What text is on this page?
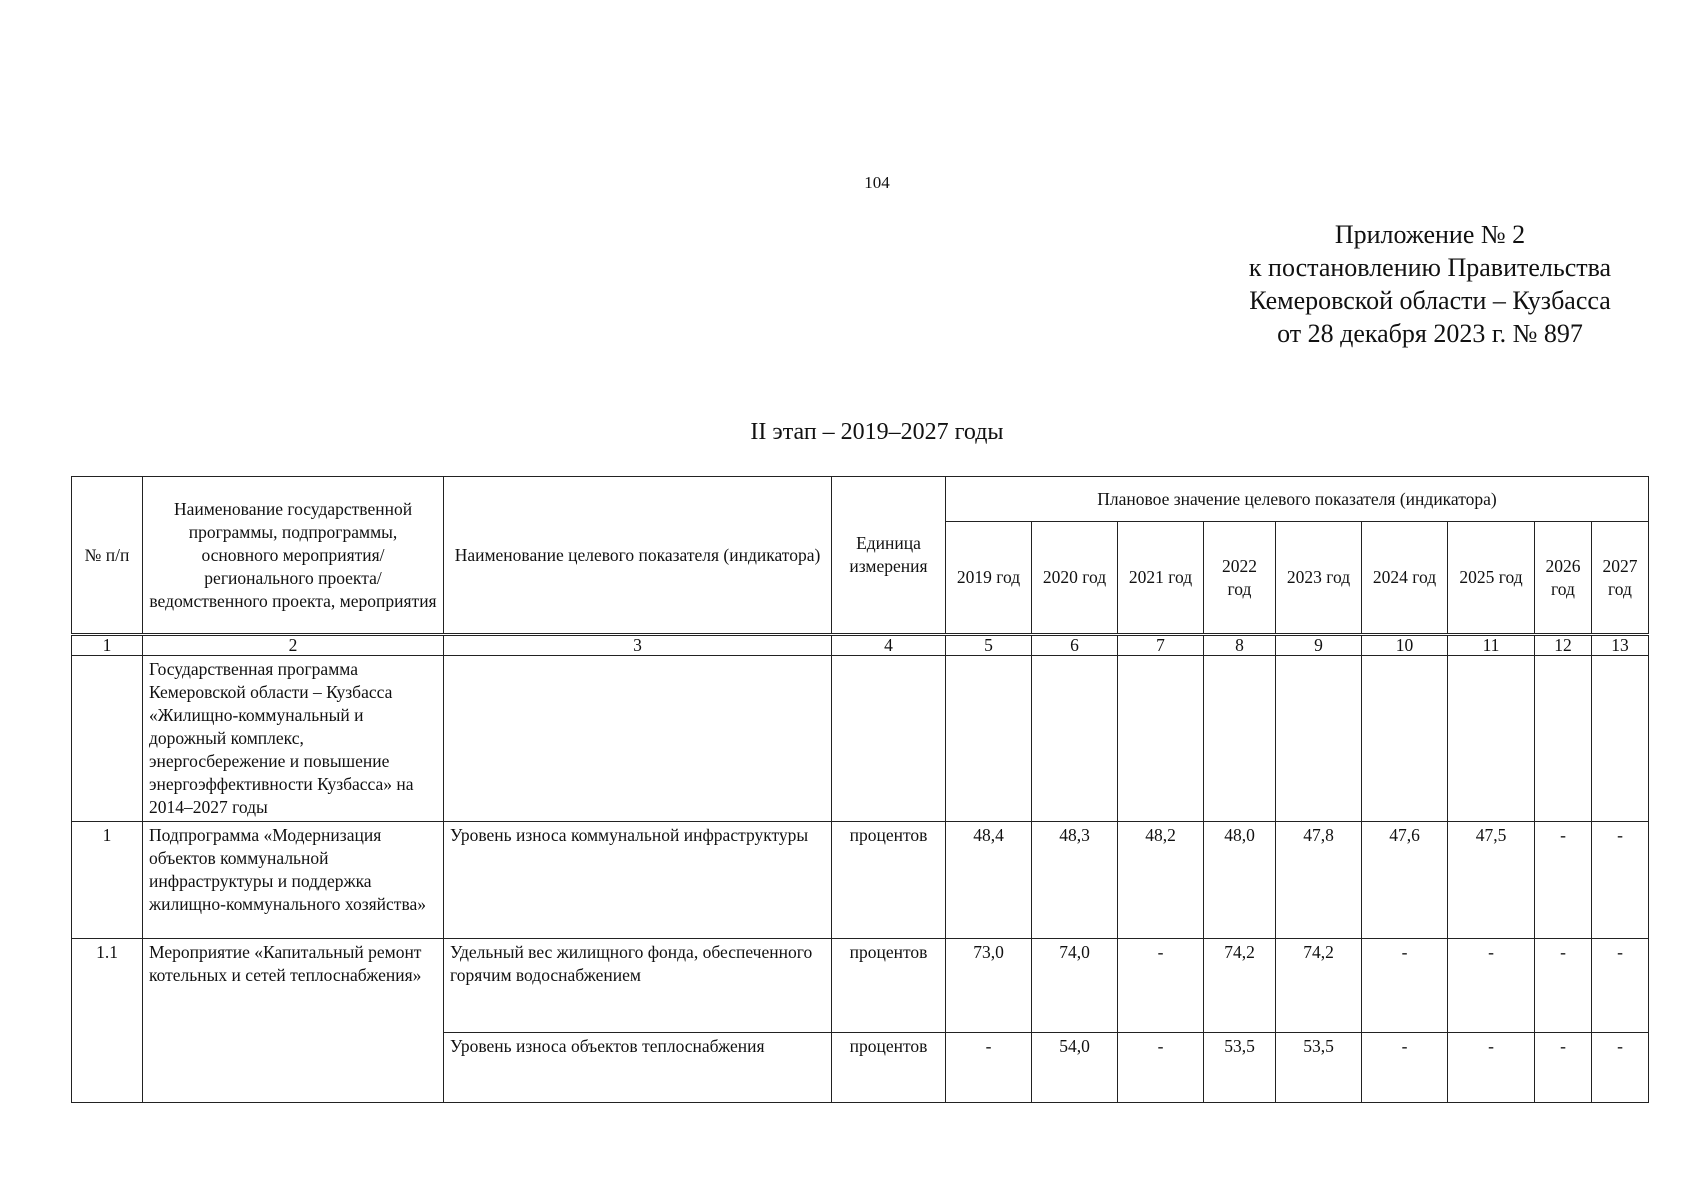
104
Приложение № 2
к постановлению Правительства
Кемеровской области – Кузбасса
от 28 декабря 2023 г. № 897
II этап – 2019–2027 годы
№ п/п	Наименование государственной программы, подпрограммы, основного мероприятия/регионального проекта/ведомственного проекта, мероприятия	Наименование целевого показателя (индикатора)	Единица измерения	Плановое значение целевого показателя (индикатора)								
				2019 год	2020 год	2021 год	2022 год	2023 год	2024 год	2025 год	2026 год	2027 год
1	2	3	4	5	6	7	8	9	10	11	12	13
	Государственная программа Кемеровской области – Кузбасса «Жилищно-коммунальный и дорожный комплекс, энергосбережение и повышение энергоэффективности Кузбасса» на 2014–2027 годы											
1	Подпрограмма «Модернизация объектов коммунальной инфраструктуры и поддержка жилищно-коммунального хозяйства»	Уровень износа коммунальной инфраструктуры	процентов	48,4	48,3	48,2	48,0	47,8	47,6	47,5	-	-
1.1	Мероприятие «Капитальный ремонт котельных и сетей теплоснабжения»	Удельный вес жилищного фонда, обеспеченного горячим водоснабжением	процентов	73,0	74,0	-	74,2	74,2	-	-	-	-
		Уровень износа объектов теплоснабжения	процентов	-	54,0	-	53,5	53,5	-	-	-	-
